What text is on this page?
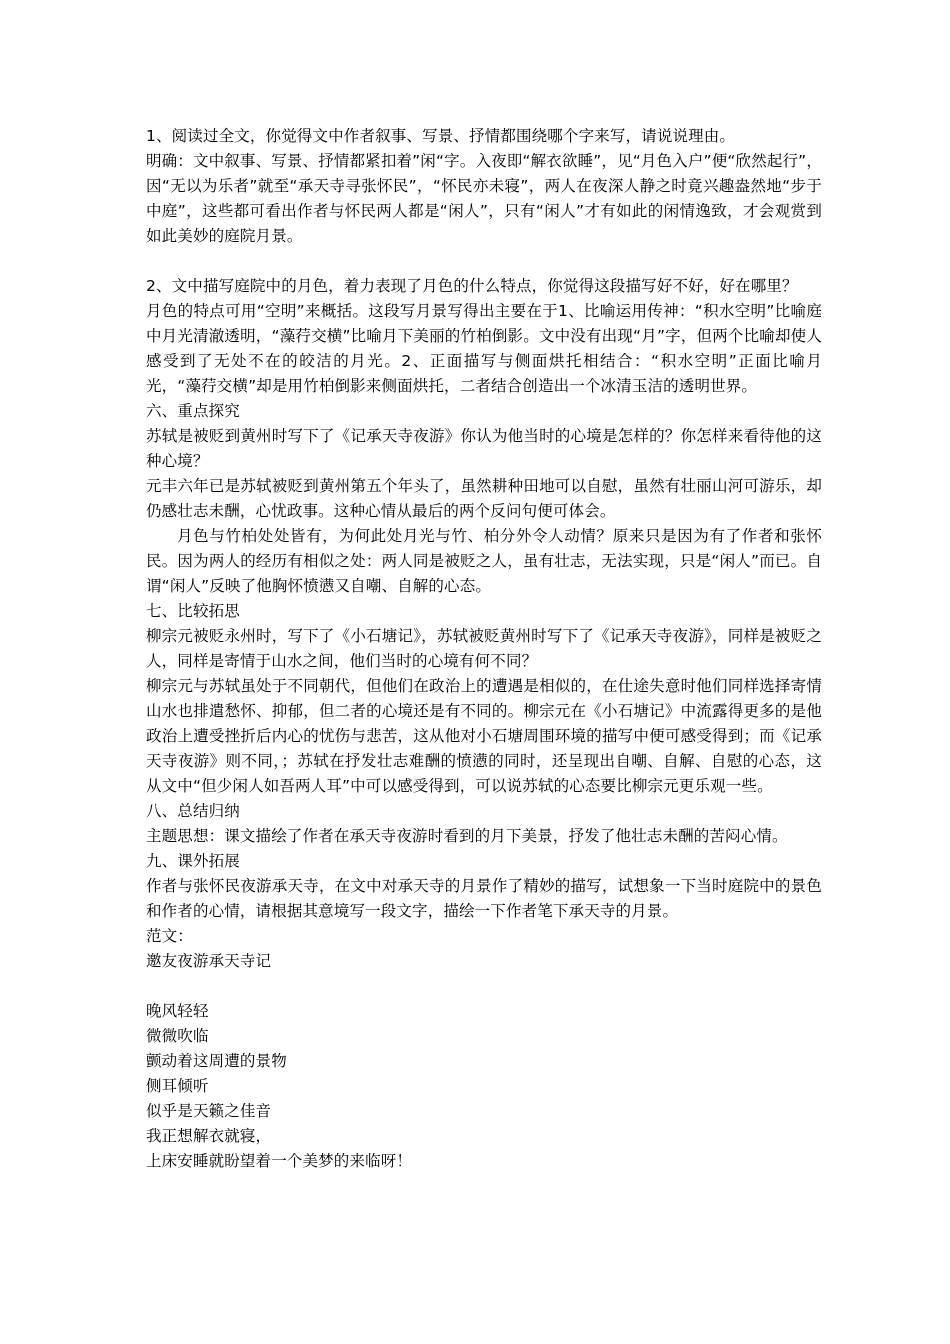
1、阅读过全文，你觉得文中作者叙事、写景、抒情都围绕哪个字来写，请说说理由。

明确：文中叙事、写景、抒情都紧扣着”闲“字。入夜即“解衣欲睡”，见“月色入户”便“欣然起行”，因“无以为乐者”就至“承天寺寻张怀民”，“怀民亦未寝”，两人在夜深人静之时竟兴趣盎然地“步于中庭”，这些都可看出作者与怀民两人都是“闲人”，只有“闲人”才有如此的闲情逸致，才会观赏到如此美妙的庭院月景。

2、文中描写庭院中的月色，着力表现了月色的什么特点，你觉得这段描写好不好，好在哪里？

月色的特点可用“空明”来概括。这段写月景写得出主要在于1、比喻运用传神：“积水空明”比喻庭中月光清澈透明，“藻荇交横”比喻月下美丽的竹柏倒影。文中没有出现“月”字，但两个比喻却使人感受到了无处不在的皎洁的月光。2、正面描写与侧面烘托相结合：“积水空明”正面比喻月光，“藻荇交横”却是用竹柏倒影来侧面烘托，二者结合创造出一个冰清玉洁的透明世界。

六、重点探究

苏轼是被贬到黄州时写下了《记承天寺夜游》你认为他当时的心境是怎样的？你怎样来看待他的这种心境？

元丰六年已是苏轼被贬到黄州第五个年头了，虽然耕种田地可以自慰，虽然有壮丽山河可游乐，却仍感壮志未酬，心忧政事。这种心情从最后的两个反问句便可体会。

月色与竹柏处处皆有，为何此处月光与竹、柏分外令人动情？原来只是因为有了作者和张怀民。因为两人的经历有相似之处：两人同是被贬之人，虽有壮志，无法实现，只是“闲人”而已。自谓“闲人”反映了他胸怀愤懑又自嘲、自解的心态。

七、比较拓思

柳宗元被贬永州时，写下了《小石塘记》，苏轼被贬黄州时写下了《记承天寺夜游》，同样是被贬之人，同样是寄情于山水之间，他们当时的心境有何不同？

柳宗元与苏轼虽处于不同朝代，但他们在政治上的遭遇是相似的，在仕途失意时他们同样选择寄情山水也排遣愁怀、抑郁，但二者的心境还是有不同的。柳宗元在《小石塘记》中流露得更多的是他政治上遭受挫折后内心的忧伤与悲苦，这从他对小石塘周围环境的描写中便可感受得到；而《记承天寺夜游》则不同，；苏轼在抒发壮志难酬的愤懑的同时，还呈现出自嘲、自解、自慰的心态，这从文中“但少闲人如吾两人耳”中可以感受得到，可以说苏轼的心态要比柳宗元更乐观一些。

八、总结归纳

主题思想：课文描绘了作者在承天寺夜游时看到的月下美景，抒发了他壮志未酬的苦闷心情。

九、课外拓展

作者与张怀民夜游承天寺，在文中对承天寺的月景作了精妙的描写，试想象一下当时庭院中的景色和作者的心情，请根据其意境写一段文字，描绘一下作者笔下承天寺的月景。

范文：

邀友夜游承天寺记

晚风轻轻

微微吹临

颤动着这周遭的景物

侧耳倾听

似乎是天籁之佳音

我正想解衣就寝，

上床安睡就盼望着一个美梦的来临呀！
